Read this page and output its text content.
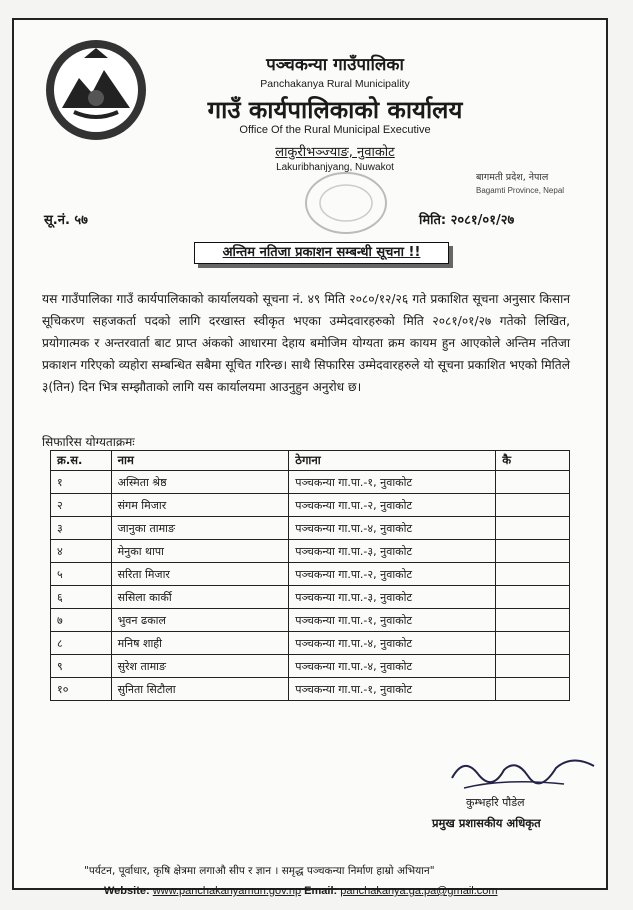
पञ्चकन्या गाउँपालिका
Panchakanya Rural Municipality
गाउँ कार्यपालिकाको कार्यालय
Office Of the Rural Municipal Executive
लाकुरीभञ्ज्याङ, नुवाकोट
Lakuribhanjyang, Nuwakot
बागमती प्रदेश, नेपाल
Bagamti Province, Nepal
सू.नं. ५७	मिति: २०८१/०१/२७
अन्तिम नतिजा प्रकाशन सम्बन्धी सूचना !!
यस गाउँपालिका गाउँ कार्यपालिकाको कार्यालयको सूचना नं. ४९ मिति २०८०/१२/२६ गते प्रकाशित सूचना अनुसार किसान सूचिकरण सहजकर्ता पदको लागि दरखास्त स्वीकृत भएका उम्मेदवारहरुको मिति २०८१/०१/२७ गतेको लिखित, प्रयोगात्मक र अन्तरवार्ता बाट प्राप्त अंकको आधारमा देहाय बमोजिम योग्यता क्रम कायम हुन आएकोले अन्तिम नतिजा प्रकाशन गरिएको व्यहोरा सम्बन्धित सबैमा सूचित गरिन्छ। साथै सिफारिस उम्मेदवारहरुले यो सूचना प्रकाशित भएको मितिले ३(तिन) दिन भित्र सम्झौताको लागि यस कार्यालयमा आउनुहुन अनुरोध छ।
सिफारिस योग्यताक्रमः
क्र.स.	नाम	ठेगाना	कै
१	अस्मिता श्रेष्ठ	पञ्चकन्या गा.पा.-१, नुवाकोट	
२	संगम मिजार	पञ्चकन्या गा.पा.-२, नुवाकोट	
३	जानुका तामाङ	पञ्चकन्या गा.पा.-४, नुवाकोट	
४	मेनुका थापा	पञ्चकन्या गा.पा.-३, नुवाकोट	
५	सरिता मिजार	पञ्चकन्या गा.पा.-२, नुवाकोट	
६	ससिला कार्की	पञ्चकन्या गा.पा.-३, नुवाकोट	
७	भुवन ढकाल	पञ्चकन्या गा.पा.-१, नुवाकोट	
८	मनिष शाही	पञ्चकन्या गा.पा.-४, नुवाकोट	
९	सुरेश तामाङ	पञ्चकन्या गा.पा.-४, नुवाकोट	
१०	सुनिता सिटौला	पञ्चकन्या गा.पा.-१, नुवाकोट	
कुम्भहरि पौडेल
प्रमुख प्रशासकीय अधिकृत
"पर्यटन, पूर्वाधार, कृषि क्षेत्रमा लगाऔ सीप र ज्ञान । समृद्ध पञ्चकन्या निर्माण हाम्रो अभियान"
Website: www.panchakanyamun.gov.np Email: panchakanya.ga.pa@gmail.com
